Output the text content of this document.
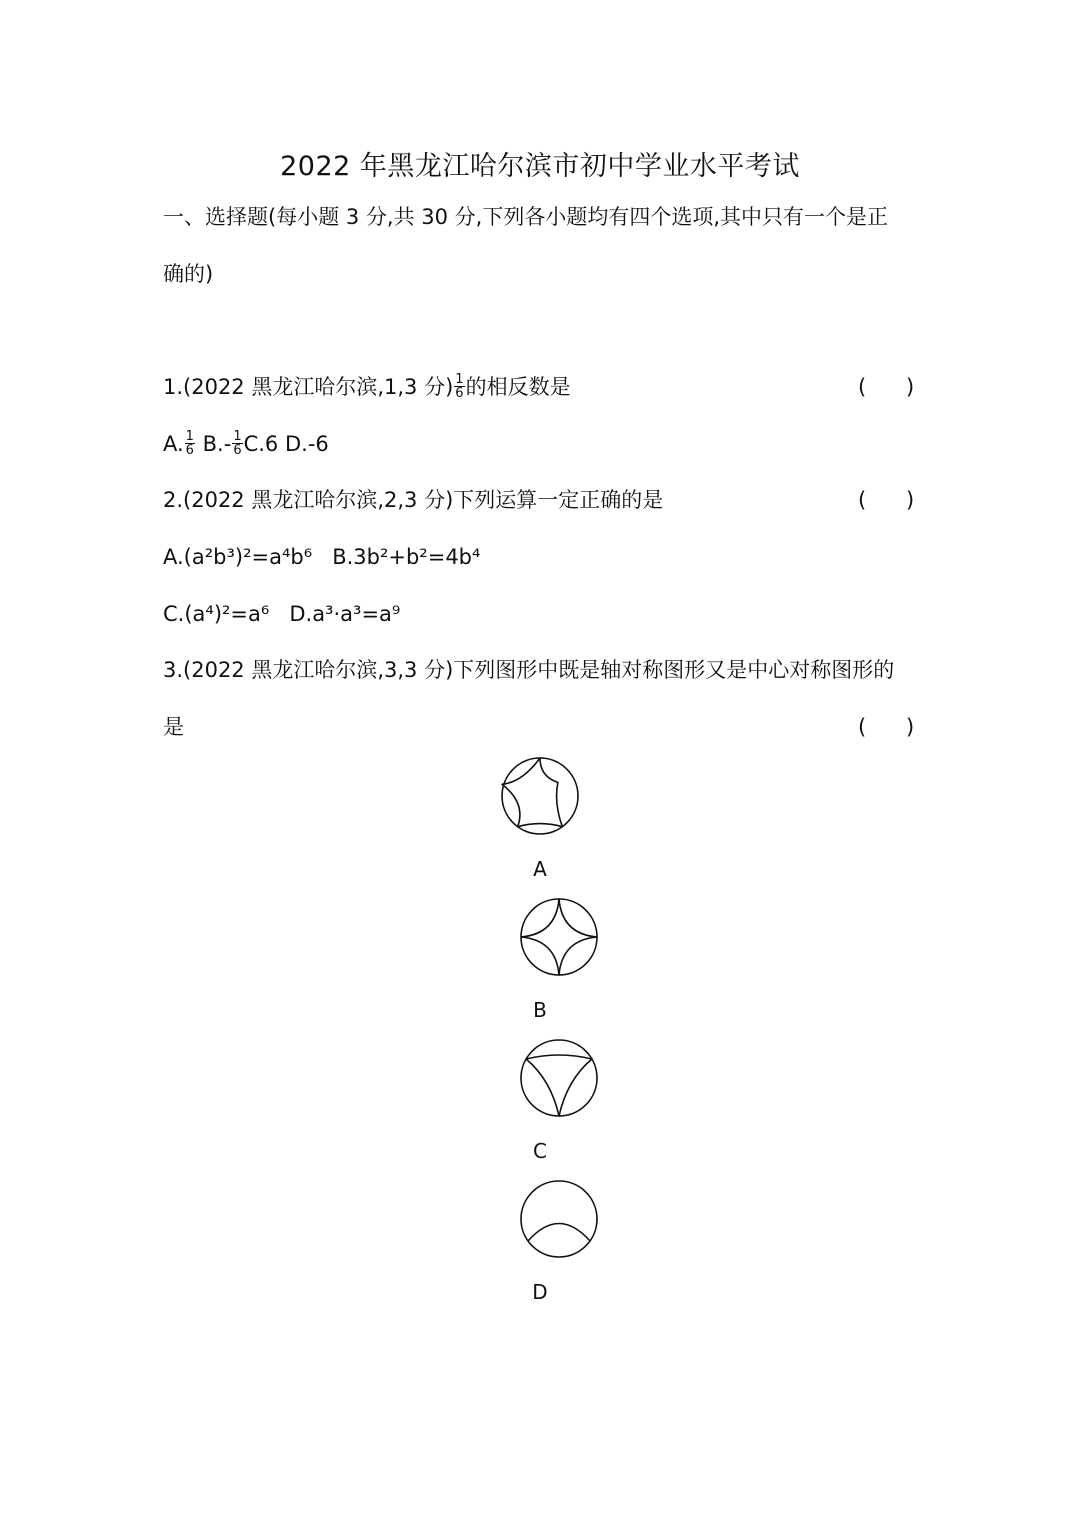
2022 年黑龙江哈尔滨市初中学业水平考试
一、选择题(每小题 3 分,共 30 分,下列各小题均有四个选项,其中只有一个是正
确的)
1.(2022 黑龙江哈尔滨,1,3 分) $\frac{1}{6}$ 的相反数是	( )
A. $\frac{1}{6} B.- \frac{1}{6} C.6$ D.-6
2.(2022 黑龙江哈尔滨,2,3 分)下列运算一定正确的是	( )
A.(a²b³)²=a⁴b⁶ B.3b²+b²=4b⁴
C.(a⁴)²=a⁶ D.a³·a³=a⁹
3.(2022 黑龙江哈尔滨,3,3 分)下列图形中既是轴对称图形又是中心对称图形的
是	( )
A
B
C
D
